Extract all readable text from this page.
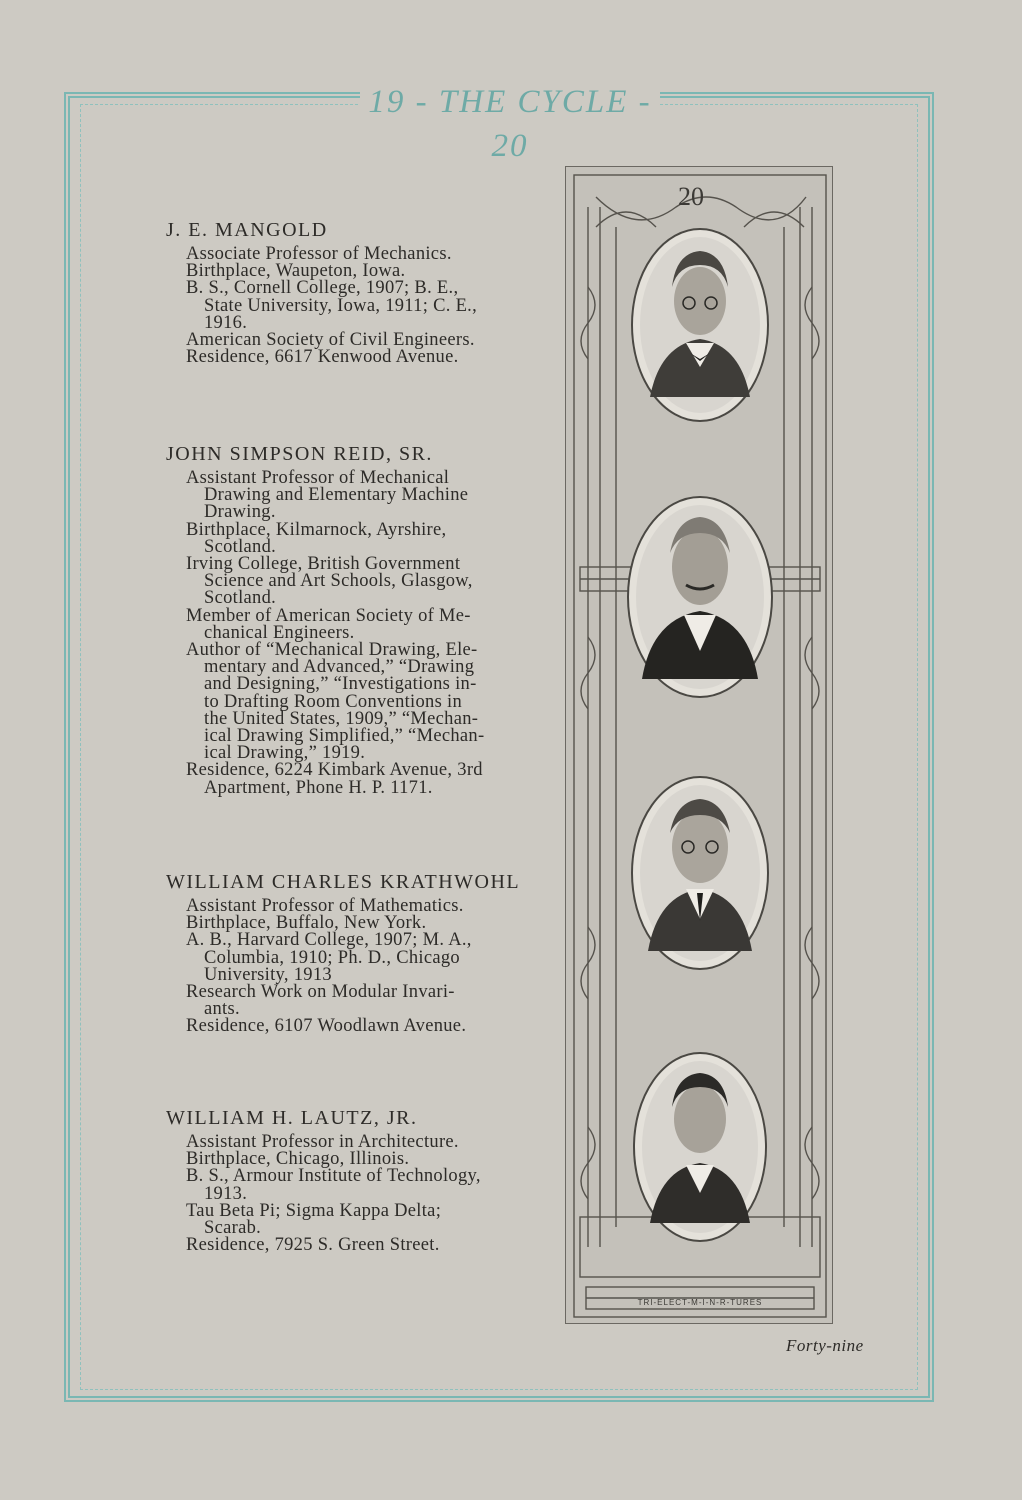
19 - THE CYCLE - 20
J. E. MANGOLD
Associate Professor of Mechanics.
Birthplace, Waupeton, Iowa.
B. S., Cornell College, 1907; B. E.,
State University, Iowa, 1911; C. E.,
1916.
American Society of Civil Engineers.
Residence, 6617 Kenwood Avenue.
JOHN SIMPSON REID, SR.
Assistant Professor of Mechanical
Drawing and Elementary Machine
Drawing.
Birthplace, Kilmarnock, Ayrshire,
Scotland.
Irving College, British Government
Science and Art Schools, Glasgow,
Scotland.
Member of American Society of Me-
chanical Engineers.
Author of “Mechanical Drawing, Ele-
mentary and Advanced,” “Drawing
and Designing,” “Investigations in-
to Drafting Room Conventions in
the United States, 1909,” “Mechan-
ical Drawing Simplified,” “Mechan-
ical Drawing,” 1919.
Residence, 6224 Kimbark Avenue, 3rd
Apartment, Phone H. P. 1171.
WILLIAM CHARLES KRATHWOHL
Assistant Professor of Mathematics.
Birthplace, Buffalo, New York.
A. B., Harvard College, 1907; M. A.,
Columbia, 1910; Ph. D., Chicago
University, 1913
Research Work on Modular Invari-
ants.
Residence, 6107 Woodlawn Avenue.
WILLIAM H. LAUTZ, JR.
Assistant Professor in Architecture.
Birthplace, Chicago, Illinois.
B. S., Armour Institute of Technology,
1913.
Tau Beta Pi; Sigma Kappa Delta;
Scarab.
Residence, 7925 S. Green Street.
20
TRI-ELECT-M-I-N-R-TURES
Forty-nine
